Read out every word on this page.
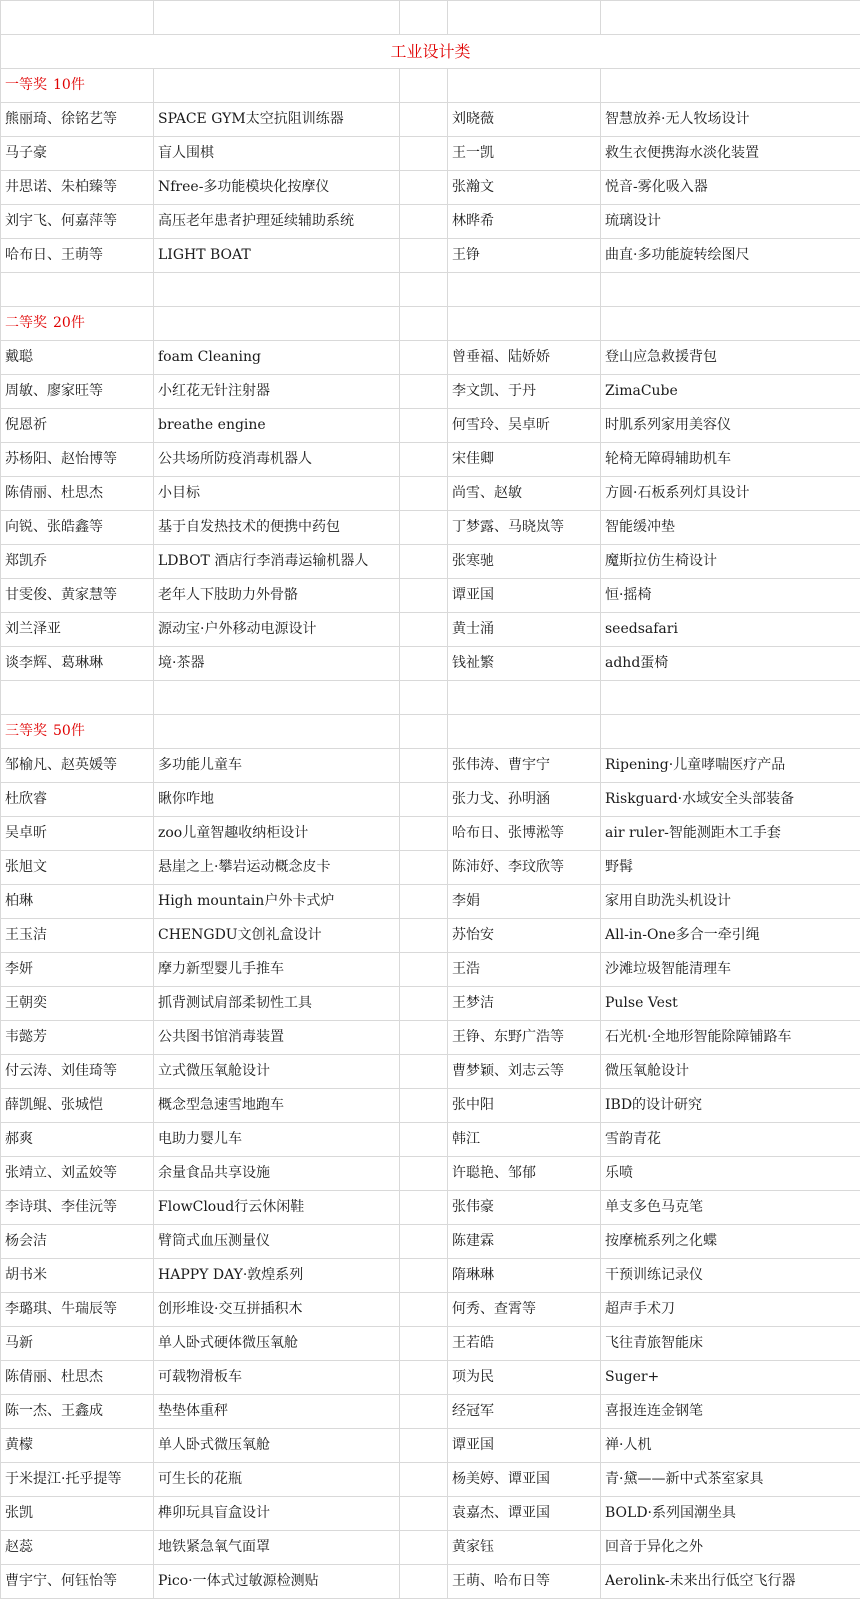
工业设计类				
一等奖 10件				
熊丽琦、徐铭艺等	SPACE GYM太空抗阻训练器		刘晓薇	智慧放养·无人牧场设计
马子豪	盲人围棋		王一凯	救生衣便携海水淡化装置
井思诺、朱柏臻等	Nfree-多功能模块化按摩仪		张瀚文	悦音-雾化吸入器
刘宇飞、何嘉萍等	高压老年患者护理延续辅助系统		林晔希	琉璃设计
哈布日、王萌等	LIGHT BOAT		王铮	曲直·多功能旋转绘图尺

二等奖 20件				
戴聪	foam Cleaning		曾垂福、陆娇娇	登山应急救援背包
周敏、廖家旺等	小红花无针注射器		李文凯、于丹	ZimaCube
倪恩祈	breathe engine		何雪玲、吴卓昕	时肌系列家用美容仪
苏杨阳、赵怡博等	公共场所防疫消毒机器人		宋佳卿	轮椅无障碍辅助机车
陈倩丽、杜思杰	小目标		尚雪、赵敏	方圆·石板系列灯具设计
向锐、张皓鑫等	基于自发热技术的便携中药包		丁梦露、马晓岚等	智能缓冲垫
郑凯乔	LDBOT 酒店行李消毒运输机器人		张寒驰	魔斯拉仿生椅设计
甘雯俊、黄家慧等	老年人下肢助力外骨骼		谭亚国	恒·摇椅
刘兰泽亚	源动宝·户外移动电源设计		黄士涌	seedsafari
谈李辉、葛琳琳	境·茶器		钱祉繁	adhd蛋椅

三等奖 50件				
邹榆凡、赵英媛等	多功能儿童车		张伟涛、曹宇宁	Ripening·儿童哮喘医疗产品
杜欣睿	瞅你咋地		张力戈、孙明涵	Riskguard·水域安全头部装备
吴卓昕	zoo儿童智趣收纳柜设计		哈布日、张博淞等	air ruler-智能测距木工手套
张旭文	悬崖之上·攀岩运动概念皮卡		陈沛妤、李玟欣等	野髯
柏琳	High mountain户外卡式炉		李娟	家用自助洗头机设计
王玉洁	CHENGDU文创礼盒设计		苏怡安	All-in-One多合一牵引绳
李妍	摩力新型婴儿手推车		王浩	沙滩垃圾智能清理车
王朝奕	抓背测试肩部柔韧性工具		王梦洁	Pulse Vest
韦懿芳	公共图书馆消毒装置		王铮、东野广浩等	石光机·全地形智能除障铺路车
付云涛、刘佳琦等	立式微压氧舱设计		曹梦颖、刘志云等	微压氧舱设计
薛凯鲲、张城恺	概念型急速雪地跑车		张中阳	IBD的设计研究
郝爽	电助力婴儿车		韩江	雪韵青花
张靖立、刘孟姣等	余量食品共享设施		许聪艳、邹郁	乐喷
李诗琪、李佳沅等	FlowCloud行云休闲鞋		张伟豪	单支多色马克笔
杨会洁	臂筒式血压测量仪		陈建霖	按摩梳系列之化蝶
胡书米	HAPPY DAY·敦煌系列		隋琳琳	干预训练记录仪
李璐琪、牛瑞辰等	创形堆设·交互拼插积木		何秀、查霄等	超声手术刀
马新	单人卧式硬体微压氧舱		王若皓	飞往青旅智能床
陈倩丽、杜思杰	可载物滑板车		项为民	Suger+
陈一杰、王鑫成	垫垫体重秤		经冠军	喜报连连金钢笔
黄檬	单人卧式微压氧舱		谭亚国	禅·人机
于米提江·托乎提等	可生长的花瓶		杨美婷、谭亚国	青·黛——新中式茶室家具
张凯	榫卯玩具盲盒设计		袁嘉杰、谭亚国	BOLD·系列国潮坐具
赵蕊	地铁紧急氧气面罩		黄家钰	回音于异化之外
曹宇宁、何钰怡等	Pico·一体式过敏源检测贴		王萌、哈布日等	Aerolink-未来出行低空飞行器
